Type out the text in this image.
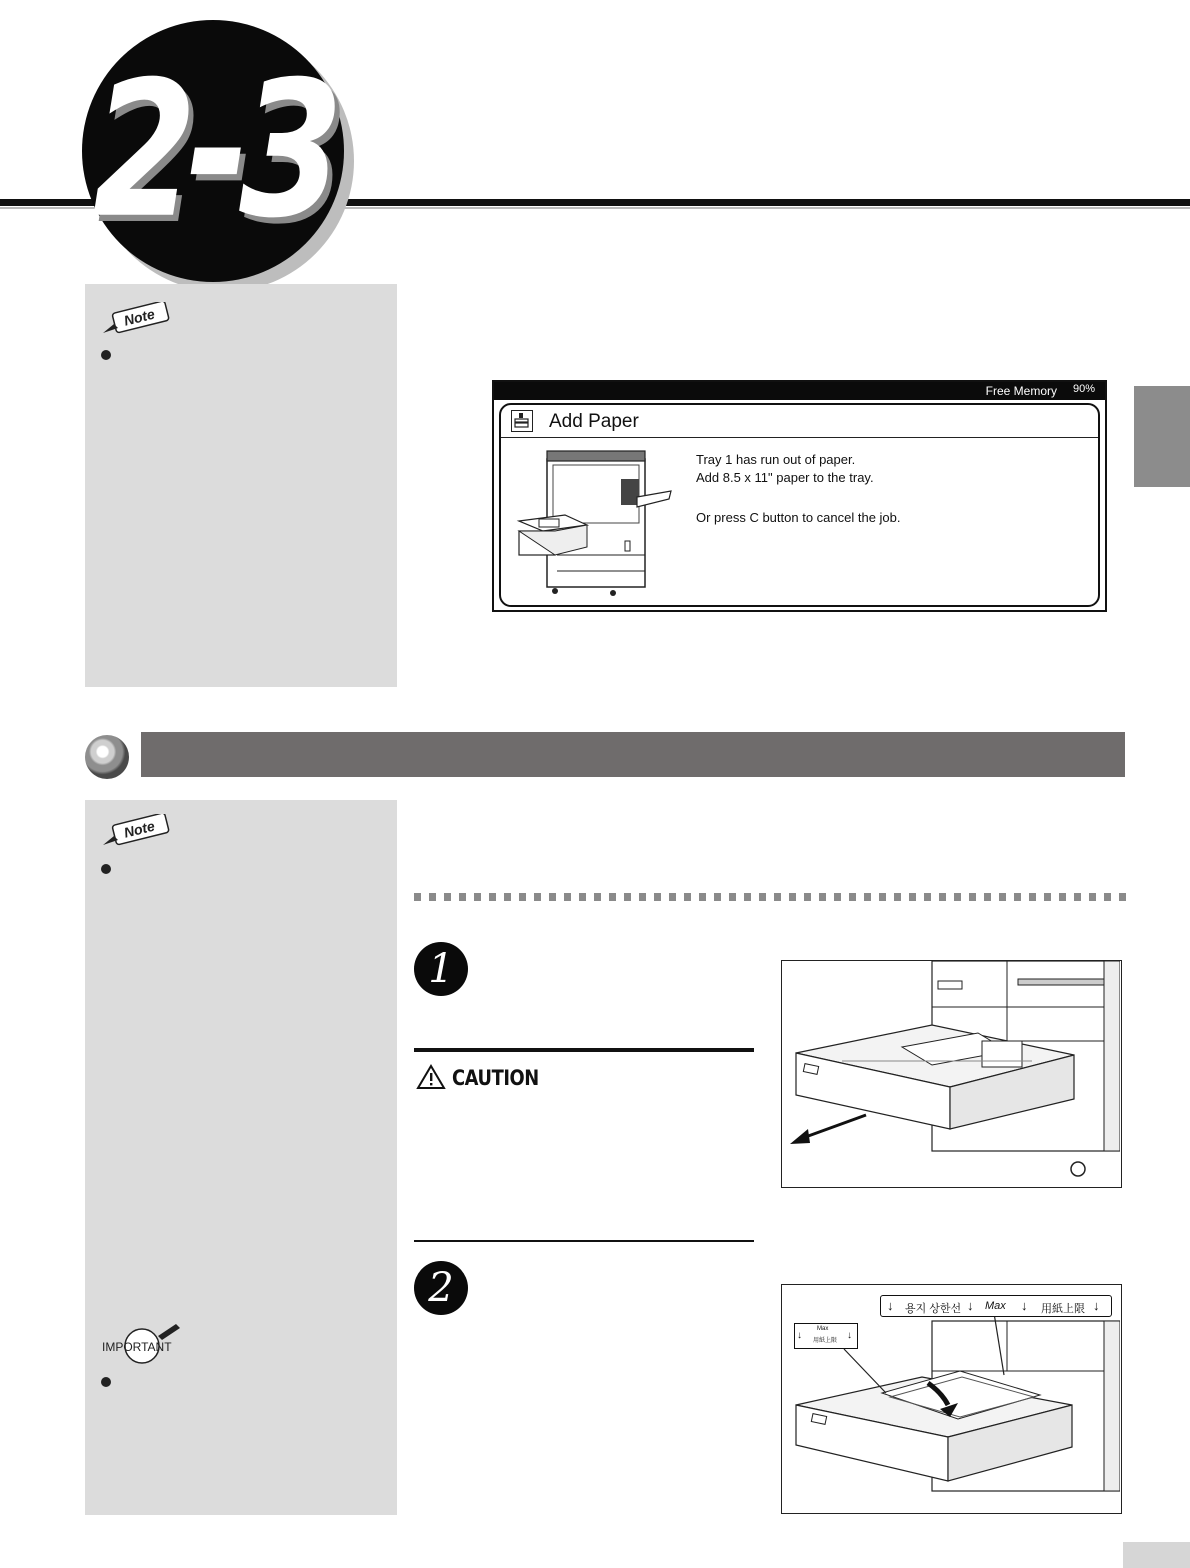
2-3
Note
Free Memory 90%
Add Paper
Tray 1 has run out of paper.
Add 8.5 x 11" paper to the tray.
Or press C button to cancel the job.
Note
IMPORTANT
1
CAUTION
2	↓ 용지 상한선 ↓ Max ↓ 用紙上限 ↓
↓
Max
用紙上限 ↓
